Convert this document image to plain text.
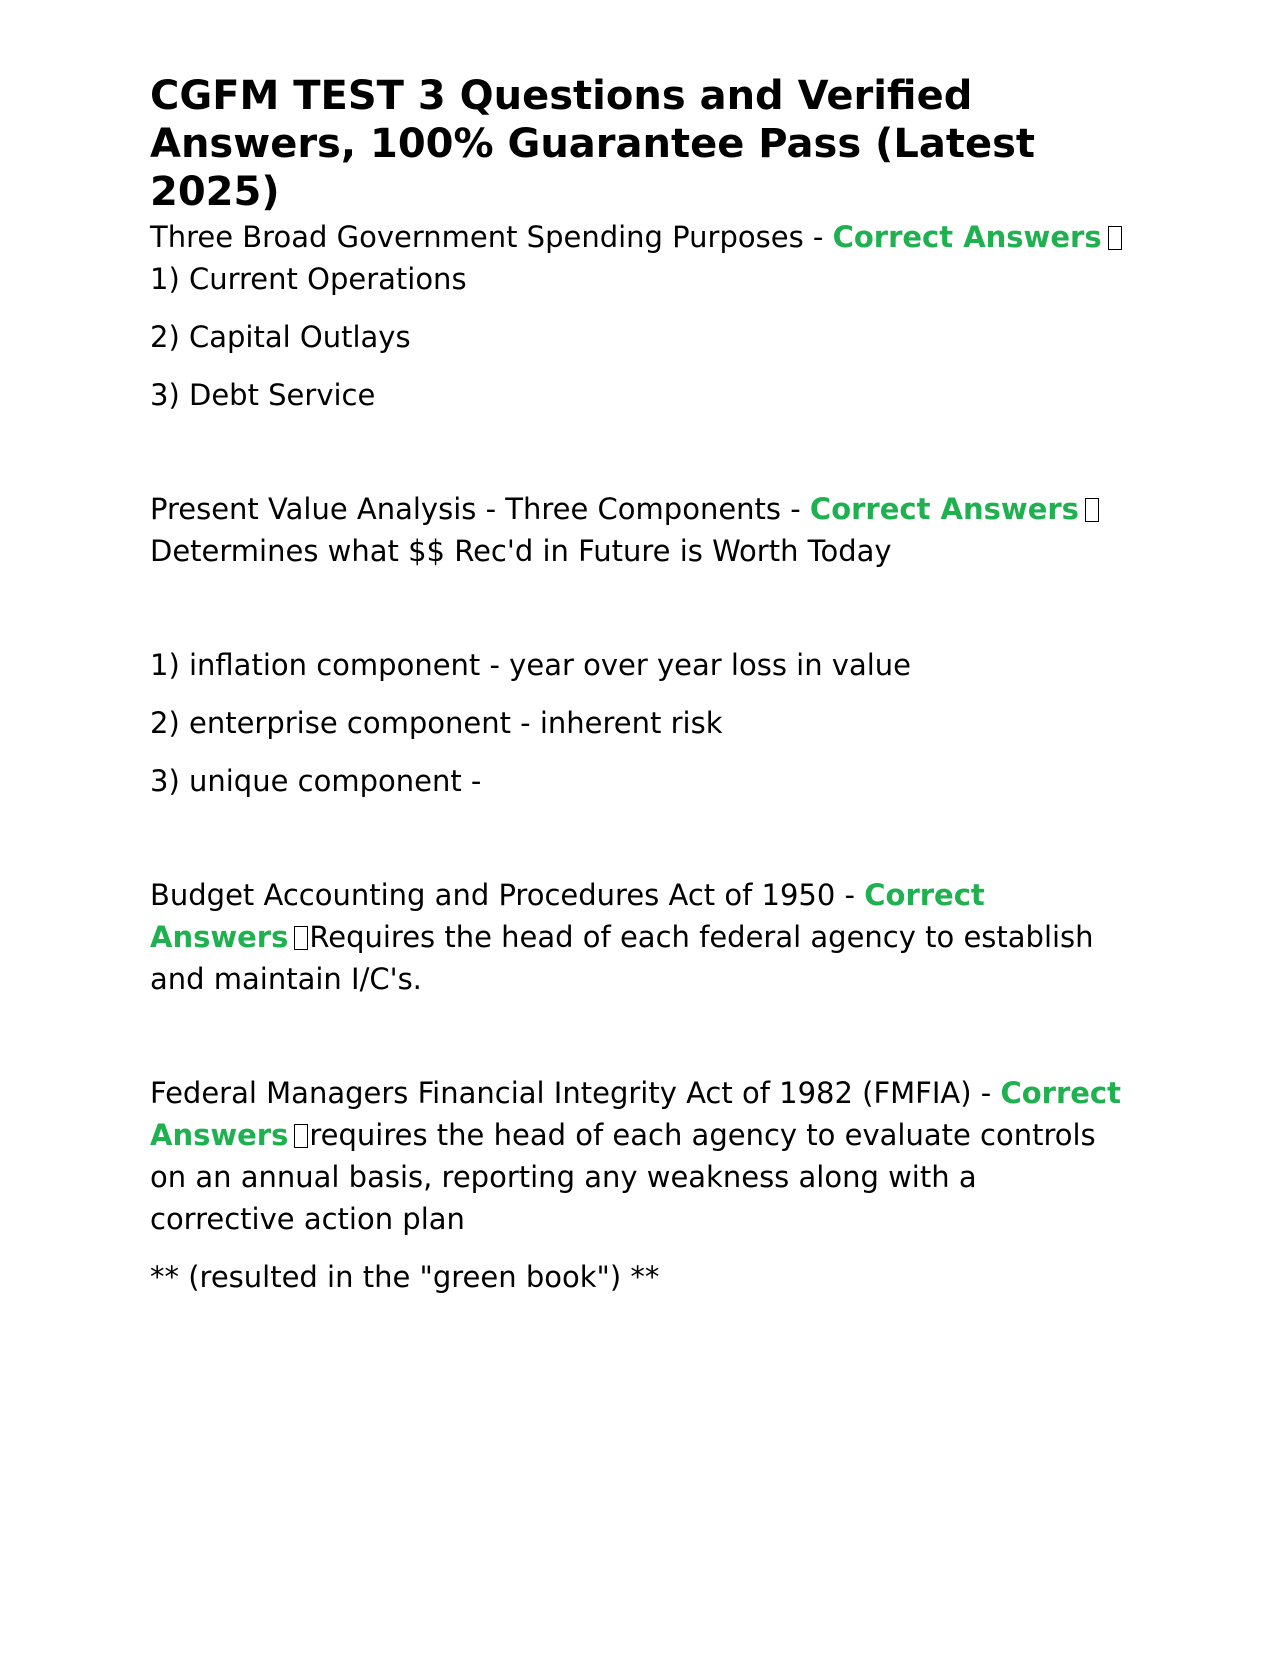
CGFM TEST 3 Questions and Verified Answers, 100% Guarantee Pass (Latest 2025)

Three Broad Government Spending Purposes - Correct Answers1) Current Operations

2) Capital Outlays

3) Debt Service

Present Value Analysis - Three Components - Correct AnswersDetermines what $$ Rec'd in Future is Worth Today

1) inflation component - year over year loss in value

2) enterprise component - inherent risk

3) unique component -

Budget Accounting and Procedures Act of 1950 - Correct Answers Requires the head of each federal agency to establish and maintain I/C's.

Federal Managers Financial Integrity Act of 1982 (FMFIA) - Correct Answers requires the head of each agency to evaluate controls on an annual basis, reporting any weakness along with a corrective action plan

** (resulted in the "green book") **
